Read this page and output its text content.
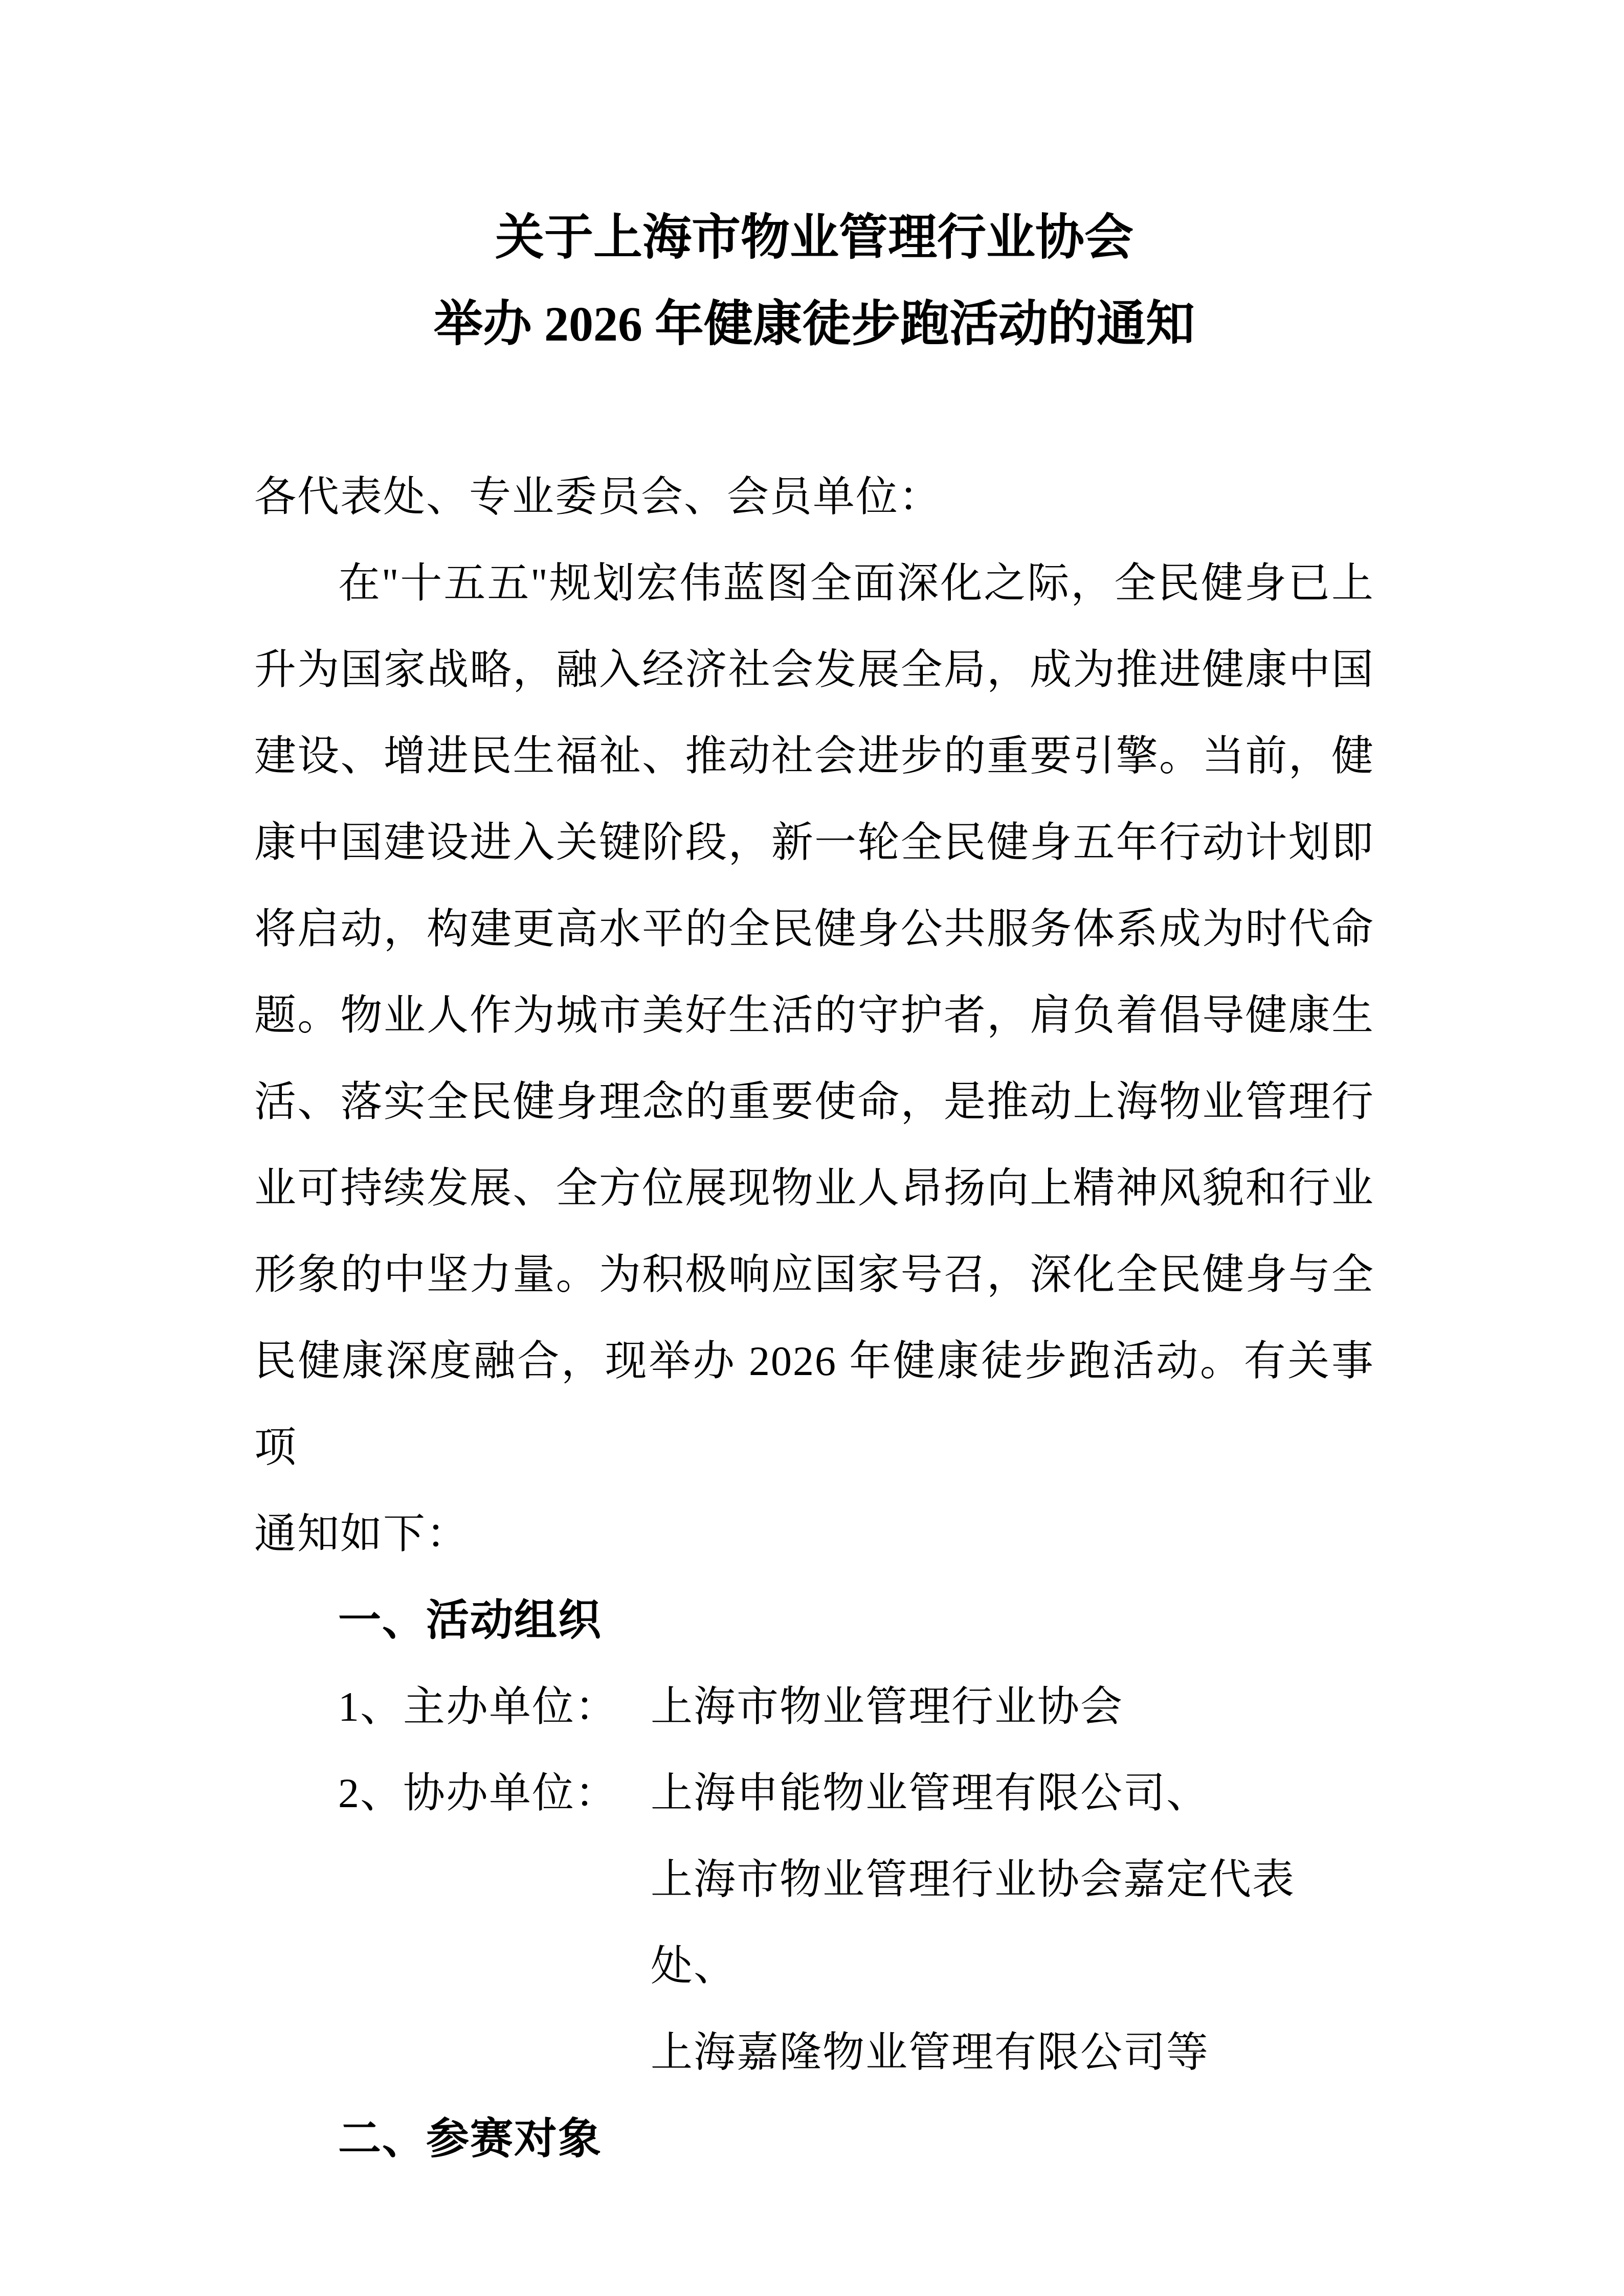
关于上海市物业管理行业协会
举办 2026 年健康徒步跑活动的通知
各代表处、专业委员会、会员单位：
在"十五五"规划宏伟蓝图全面深化之际，全民健身已上
升为国家战略，融入经济社会发展全局，成为推进健康中国
建设、增进民生福祉、推动社会进步的重要引擎。当前，健
康中国建设进入关键阶段，新一轮全民健身五年行动计划即
将启动，构建更高水平的全民健身公共服务体系成为时代命
题。物业人作为城市美好生活的守护者，肩负着倡导健康生
活、落实全民健身理念的重要使命，是推动上海物业管理行
业可持续发展、全方位展现物业人昂扬向上精神风貌和行业
形象的中坚力量。为积极响应国家号召，深化全民健身与全
民健康深度融合，现举办 2026 年健康徒步跑活动。有关事项
通知如下：
一、活动组织
1、主办单位： 上海市物业管理行业协会
2、协办单位： 上海申能物业管理有限公司、
上海市物业管理行业协会嘉定代表处、
上海嘉隆物业管理有限公司等
二、参赛对象
